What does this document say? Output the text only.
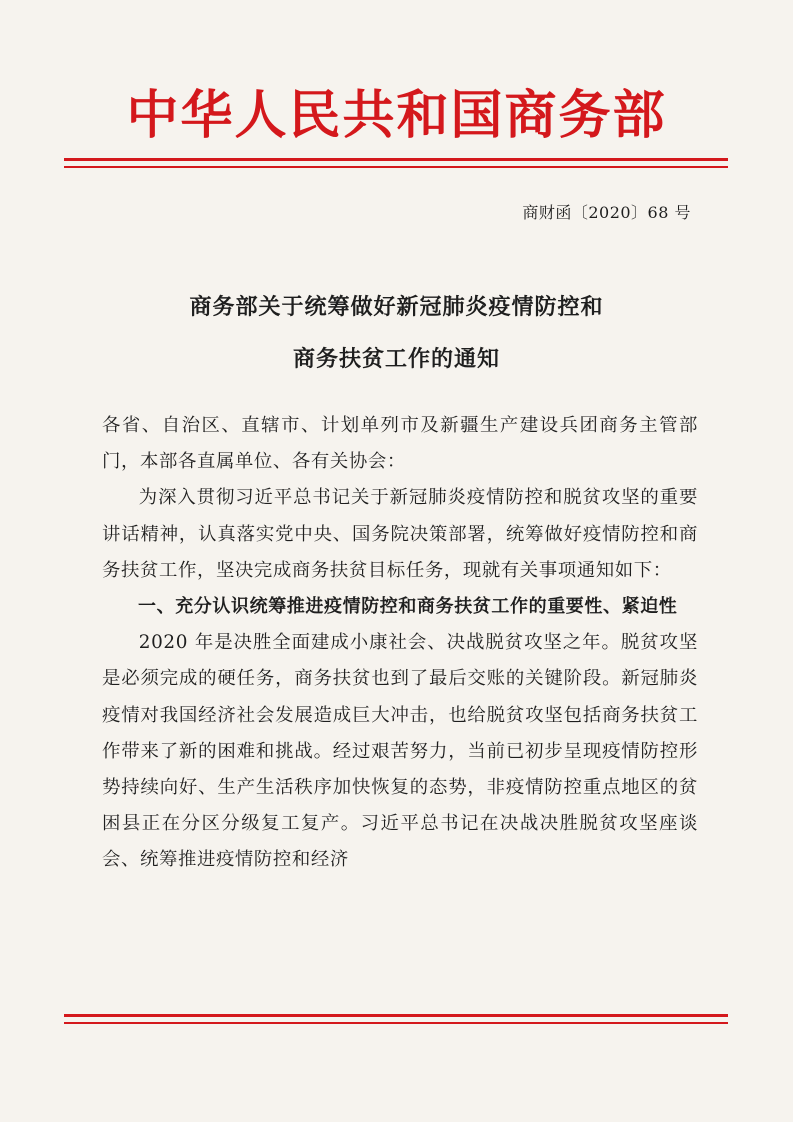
中华人民共和国商务部
商财函〔2020〕68 号
商务部关于统筹做好新冠肺炎疫情防控和
商务扶贫工作的通知

各省、自治区、直辖市、计划单列市及新疆生产建设兵团商务主管部门，本部各直属单位、各有关协会：

为深入贯彻习近平总书记关于新冠肺炎疫情防控和脱贫攻坚的重要讲话精神，认真落实党中央、国务院决策部署，统筹做好疫情防控和商务扶贫工作，坚决完成商务扶贫目标任务，现就有关事项通知如下：

一、充分认识统筹推进疫情防控和商务扶贫工作的重要性、紧迫性

2020 年是决胜全面建成小康社会、决战脱贫攻坚之年。脱贫攻坚是必须完成的硬任务，商务扶贫也到了最后交账的关键阶段。新冠肺炎疫情对我国经济社会发展造成巨大冲击，也给脱贫攻坚包括商务扶贫工作带来了新的困难和挑战。经过艰苦努力，当前已初步呈现疫情防控形势持续向好、生产生活秩序加快恢复的态势，非疫情防控重点地区的贫困县正在分区分级复工复产。习近平总书记在决战决胜脱贫攻坚座谈会、统筹推进疫情防控和经济
